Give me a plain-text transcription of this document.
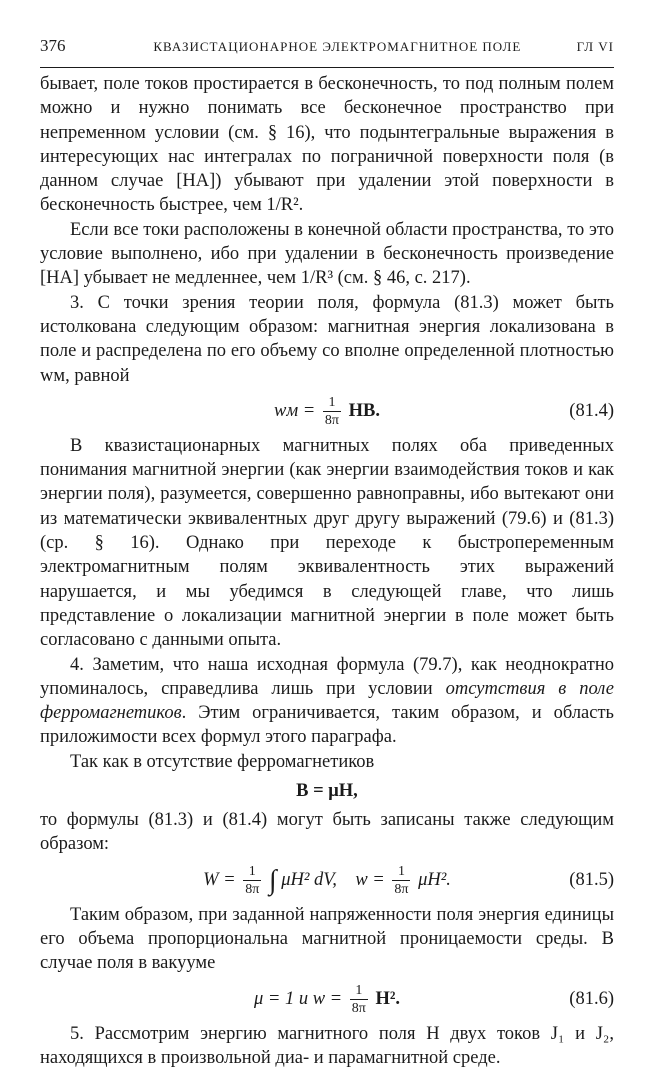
376	КВАЗИСТАЦИОНАРНОЕ ЭЛЕКТРОМАГНИТНОЕ ПОЛЕ	ГЛ VI

бывает, поле токов простирается в бесконечность, то под полным полем можно и нужно понимать все бесконечное пространство при непременном условии (см. § 16), что подынтегральные выражения в интересующих нас интегралах по пограничной поверхности поля (в данном случае [HA]) убывают при удалении этой поверхности в бесконечность быстрее, чем 1/R².

Если все токи расположены в конечной области пространства, то это условие выполнено, ибо при удалении в бесконечность произведение [HA] убывает не медленнее, чем 1/R³ (см. § 46, с. 217).

3. С точки зрения теории поля, формула (81.3) может быть истолкована следующим образом: магнитная энергия локализована в поле и распределена по его объему со вполне определенной плотностью wм, равной

wм = $\frac{1}{8\pi}$ HB.	(81.4)

В квазистационарных магнитных полях оба приведенных понимания магнитной энергии (как энергии взаимодействия токов и как энергии поля), разумеется, совершенно равноправны, ибо вытекают они из математически эквивалентных друг другу выражений (79.6) и (81.3) (ср. § 16). Однако при переходе к быстропеременным электромагнитным полям эквивалентность этих выражений нарушается, и мы убедимся в следующей главе, что лишь представление о локализации магнитной энергии в поле может быть согласовано с данными опыта.

4. Заметим, что наша исходная формула (79.7), как неоднократно упоминалось, справедлива лишь при условии отсутствия в поле ферромагнетиков. Этим ограничивается, таким образом, и область приложимости всех формул этого параграфа.

Так как в отсутствие ферромагнетиков

B = μH,

то формулы (81.3) и (81.4) могут быть записаны также следующим образом:

$W = \frac{1}{8\pi}$ ∫ μH² dV, $w = \frac{1}{8\pi} \mu H^2$.	(81.5)

Таким образом, при заданной напряженности поля энергия единицы его объема пропорциональна магнитной проницаемости среды. В случае поля в вакууме

μ = 1 и $w = \frac{1}{8\pi} H^2$.	(81.6)

5. Рассмотрим энергию магнитного поля H двух токов J₁ и J₂, находящихся в произвольной диа- и парамагнитной среде.
